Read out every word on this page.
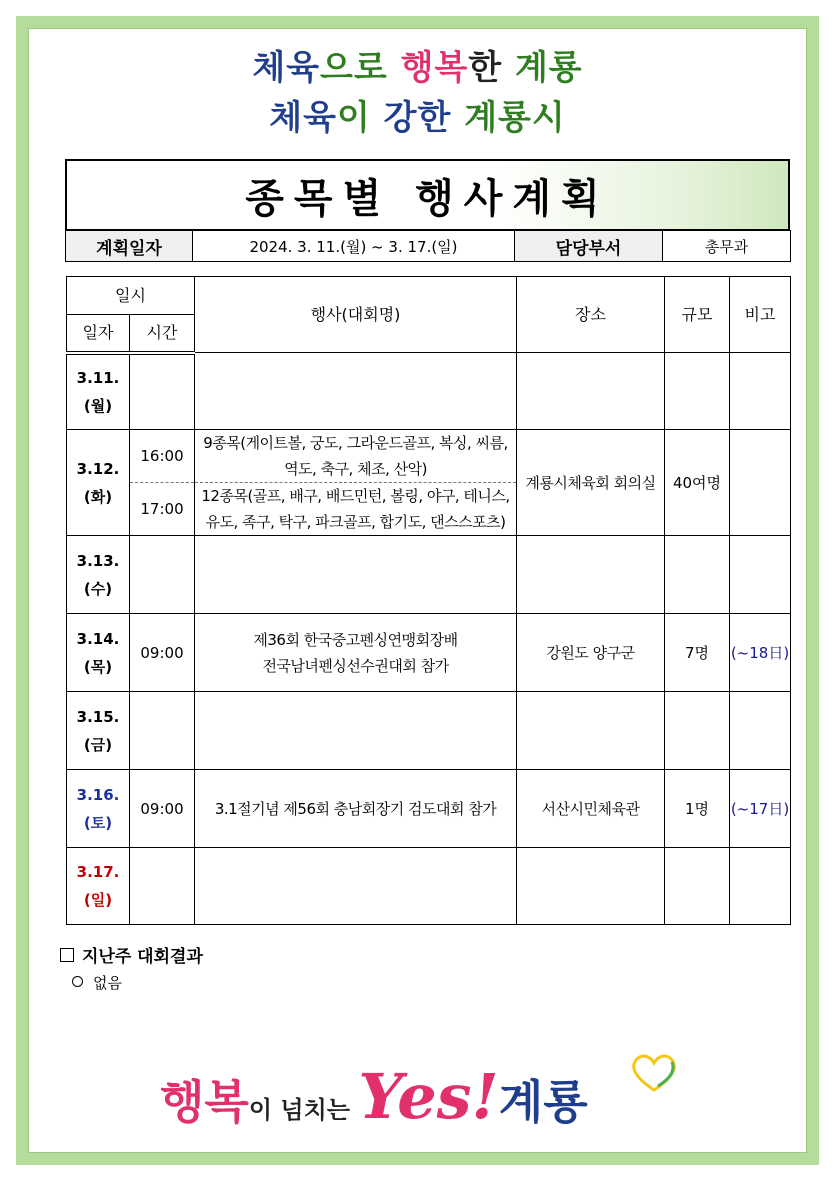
체육으로 행복한 계룡
체육이 강한 계룡시
종목별 행사계획
계획일자	2024. 3. 11.(월) ~ 3. 17.(일)	담당부서	총무과
일시		행사(대회명)	장소	규모	비고
일자	시간				
3.11.
(월)					
3.12.
(화)	16:00	9종목(게이트볼, 궁도, 그라운드골프, 복싱, 씨름,
역도, 축구, 체조, 산악)	계룡시체육회 회의실	40여명	
	17:00	12종목(골프, 배구, 배드민턴, 볼링, 야구, 테니스,
유도, 족구, 탁구, 파크골프, 합기도, 댄스스포츠)			
3.13.
(수)					
3.14.
(목)	09:00	제36회 한국중고펜싱연맹회장배
전국남녀펜싱선수권대회 참가	강원도 양구군	7명	(~18日)
3.15.
(금)					
3.16.
(토)	09:00	3.1절기념 제56회 충남회장기 검도대회 참가	서산시민체육관	1명	(~17日)
3.17.
(일)					
지난주 대회결과
없음
행복이 넘치는 Yes!계룡
